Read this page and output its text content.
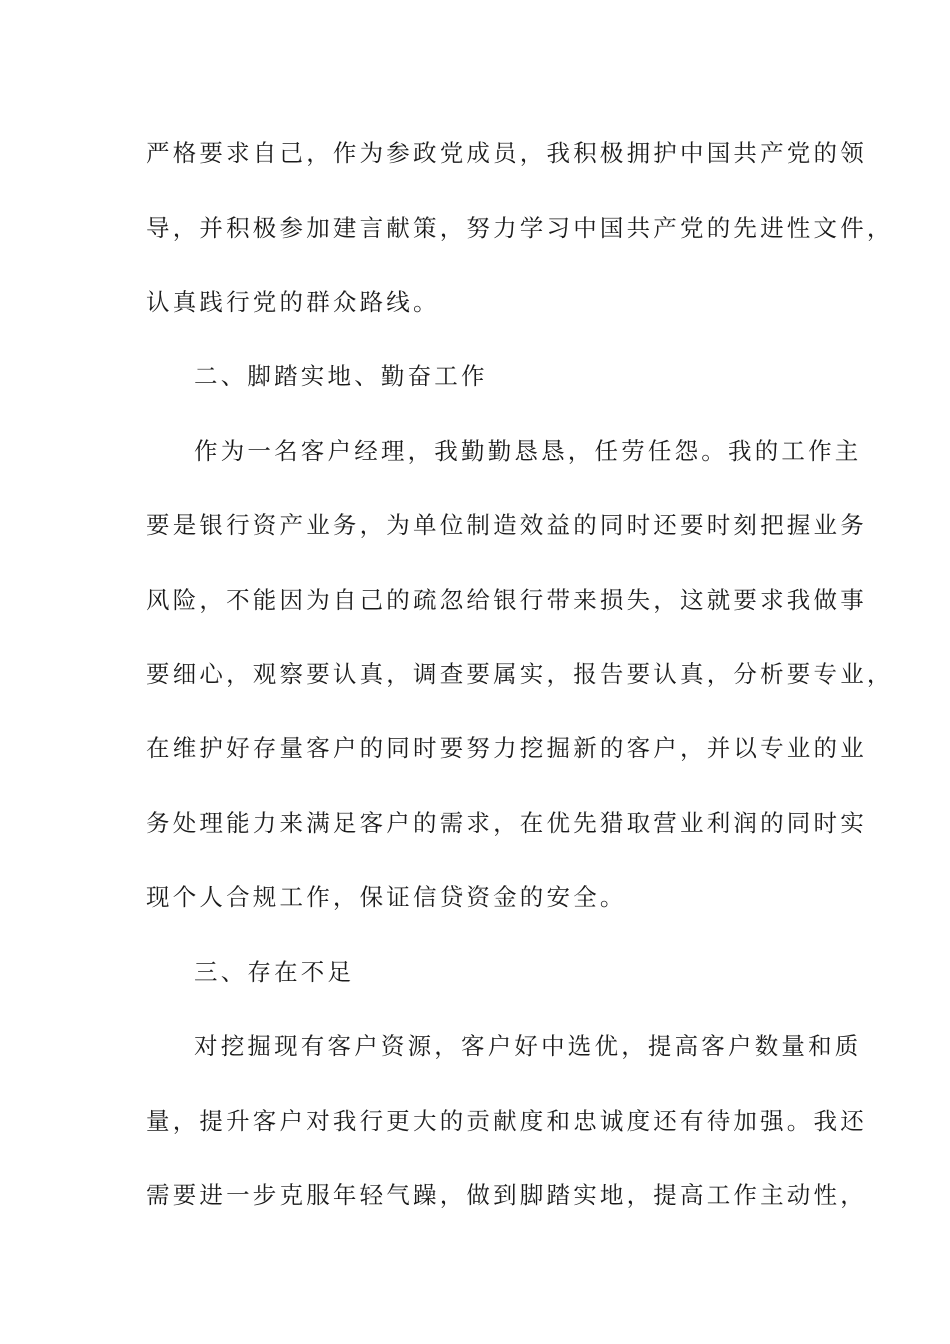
严格要求自己，作为参政党成员，我积极拥护中国共产党的领
导，并积极参加建言献策，努力学习中国共产党的先进性文件，
认真践行党的群众路线。
二、脚踏实地、勤奋工作
作为一名客户经理，我勤勤恳恳，任劳任怨。我的工作主
要是银行资产业务，为单位制造效益的同时还要时刻把握业务
风险，不能因为自己的疏忽给银行带来损失，这就要求我做事
要细心，观察要认真，调查要属实，报告要认真，分析要专业，
在维护好存量客户的同时要努力挖掘新的客户，并以专业的业
务处理能力来满足客户的需求，在优先猎取营业利润的同时实
现个人合规工作，保证信贷资金的安全。
三、存在不足
对挖掘现有客户资源，客户好中选优，提高客户数量和质
量，提升客户对我行更大的贡献度和忠诚度还有待加强。我还
需要进一步克服年轻气躁，做到脚踏实地，提高工作主动性，
